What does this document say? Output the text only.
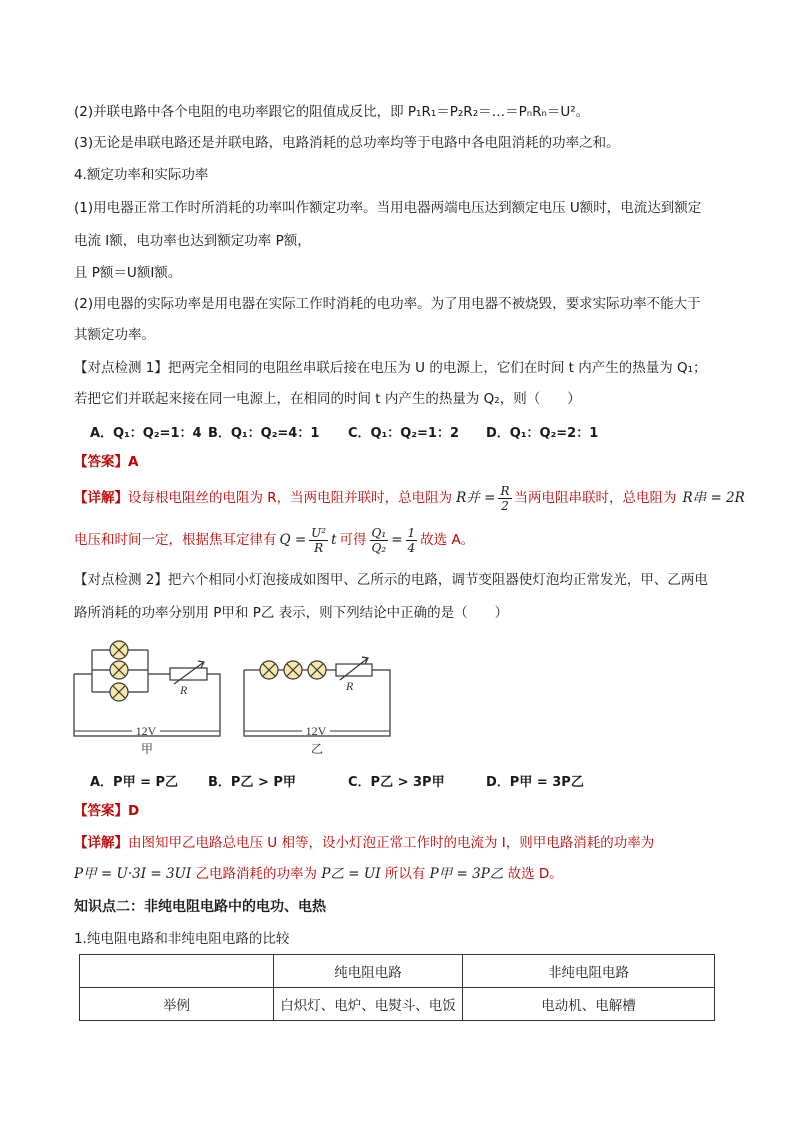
(2)并联电路中各个电阻的电功率跟它的阻值成反比，即 P₁R₁＝P₂R₂＝…＝PₙRₙ＝U²。
(3)无论是串联电路还是并联电路，电路消耗的总功率均等于电路中各电阻消耗的功率之和。
4.额定功率和实际功率
(1)用电器正常工作时所消耗的功率叫作额定功率。当用电器两端电压达到额定电压 U额时，电流达到额定
电流 I额，电功率也达到额定功率 P额，
且 P额＝U额I额。
(2)用电器的实际功率是用电器在实际工作时消耗的电功率。为了用电器不被烧毁，要求实际功率不能大于
其额定功率。
【对点检测 1】把两完全相同的电阻丝串联后接在电压为 U 的电源上，它们在时间 t 内产生的热量为 Q₁；
若把它们并联起来接在同一电源上，在相同的时间 t 内产生的热量为 Q₂，则（　　）
A．Q₁：Q₂=1：4 B．Q₁：Q₂=4：1 C．Q₁：Q₂=1：2 D．Q₁：Q₂=2：1
【答案】A
【详解】 设每根电阻丝的电阻为 R，当两电阻并联时，总电阻为 R并 = $\frac{R}{2}$ 当两电阻串联时，总电阻为 R串 = 2R
电压和时间一定，根据焦耳定律有 $Q = \frac{\text{U²}}{R}$ t 可得 $\frac{\text{Q₁}}{\text{Q₂}} = \frac{1}{4}$ 故选 A。
【对点检测 2】把六个相同小灯泡接成如图甲、乙所示的电路，调节变阻器使灯泡均正常发光，甲、乙两电
路所消耗的功率分别用 P甲和 P乙 表示，则下列结论中正确的是（　　）
R
12V
甲
R
12V
乙
A．P甲 = P乙 B．P乙 > P甲	C．P乙 > 3P甲	D．P甲 = 3P乙
【答案】D
【详解】由图知甲乙电路总电压 U 相等，设小灯泡正常工作时的电流为 I，则甲电路消耗的功率为
P甲 = U·3I = 3UI 乙电路消耗的功率为 P乙 = UI 所以有 P甲 = 3P乙 故选 D。
知识点二：非纯电阻电路中的电功、电热
1.纯电阻电路和非纯电阻电路的比较
	纯电阻电路	非纯电阻电路
举例	白炽灯、电炉、电熨斗、电饭	电动机、电解槽
